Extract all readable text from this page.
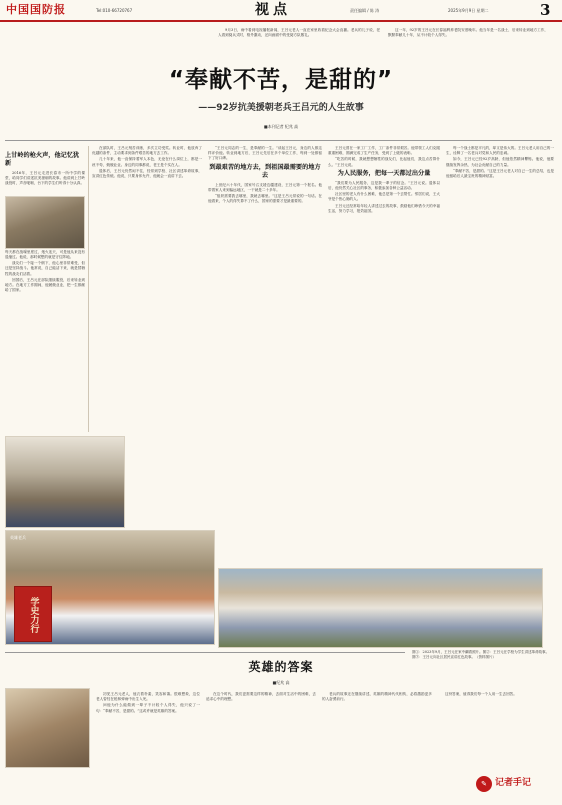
中国国防报	Tel:010-66720767	视点	责任编辑 / 陈 涛	2025年9月9日 星期二	3
“奉献不苦，是甜的”
——92岁抗美援朝老兵王吕元的人生故事
■本刊记者 纪兆 高

9月3日，雨中看到电视播报新闻，王吕元老人一直在家里收看纪念大会直播。老兵的儿子说，老人看到阅兵式时，格外激动，还向画面中的受阅方队敬礼。

这一年，92岁的王吕元在长春福利养老院安度晚年。他当年是一名战士，后来转业到地方工作，默默奉献几十年，从不计较个人得失。

上甘岭的枪火声，他记忆犹新

2016年，王吕元走进长春市一所中学的课堂，给同学们讲述抗美援朝的故事。他讲到上甘岭战役时，声音哽咽，台下的学生们听得十分认真。

每天都在战壕里度过，炮火连天，可是他从来没有退缩过。他说，那时候想的就是守住阵地。

战友们一个接一个倒下，他心里非常难受，但还是坚持战斗。他常说，自己能活下来，就是替牺牲的战友们活着。

回国后，王吕元在部队继续服役，后来转业到地方。在地方工作期间，他兢兢业业，把一生都献给了国家。

在部队时，王吕元刻苦训练，多次立功受奖。转业时，他放弃了优越的条件，主动要求到条件艰苦的地方去工作。

几十年来，他一直保持着军人本色，无论在什么岗位上，都是一丝不苟，兢兢业业。身边的同事都说，老王是个实在人。

退休后，王吕元仍然闲不住，经常到学校、社区讲述革命故事，宣讲红色传统。他说，只要身体允许，他就会一直讲下去。

“王吕元同志的一生，是奉献的一生。”谈起王吕元，身边的人都这样评价他。转业到地方后，王吕元先后在多个单位工作，每到一处都留下了好口碑。

到最艰苦的地方去，到祖国最需要的地方去

上世纪六十年代，国家号召支援边疆建设，王吕元第一个报名。他带着家人来到偏远地区，一干就是二十多年。

“组织需要我去哪里，我就去哪里。”这是王吕元常说的一句话。在他看来，个人的得失算不了什么，国家的需要才是最重要的。

王吕元曾在一家工厂工作，工厂条件非常艰苦。他带领工人们克服重重困难，圆满完成了生产任务，受到了上级的表彰。

“吃苦的时候，我就想想牺牲的战友们，比起他们，我这点苦算什么。”王吕元说。

为人民服务，把每一天都过出分量

“我们要为人民服务，这是我一辈子的信念。”王吕元说。退休以后，他仍然关心社区的事务，积极参加各种公益活动。

社区里的老人有什么困难，他总是第一个去帮忙。邻居们说，王大爷是个热心肠的人。

王吕元还经常给年轻人讲述过去的故事，鼓励他们珍惜今天的幸福生活，努力学习，报效祖国。

每一个战士都是平凡的，却又是伟大的。王吕元老人用自己的一生，诠释了一名老兵对党和人民的忠诚。

如今，王吕元已经92岁高龄，但他依然精神矍铄。他说，他要继续发挥余热，为社会贡献自己的力量。

“奉献不苦，是甜的。”这是王吕元老人对自己一生的总结，也是他留给后人最宝贵的精神财富。

英雄老兵
学史力行
图①：2023年9月，王吕元在家中翻看照片。图②：王吕元在学校为学生讲述革命故事。图③：王吕元向社区居民宣讲红色故事。（资料图片）
英雄的答案
■纪兆 高

初见王吕元老人，他衣着朴素，笑容和蔼。很难想象，这位老人曾经在枪林弹雨中出生入死。

问他为什么能做到一辈子不计较个人得失，他只说了一句：“奉献不苦，是甜的。”这或许就是英雄的答案。

在这个时代，我们更需要这样的精神，去面对生活中的困难，去追求心中的理想。

老兵的故事还在继续讲述，英雄的精神代代相传，必将激励更多的人奋勇前行。

这份答案，值得我们每一个人用一生去回答。

✎ 记者手记
